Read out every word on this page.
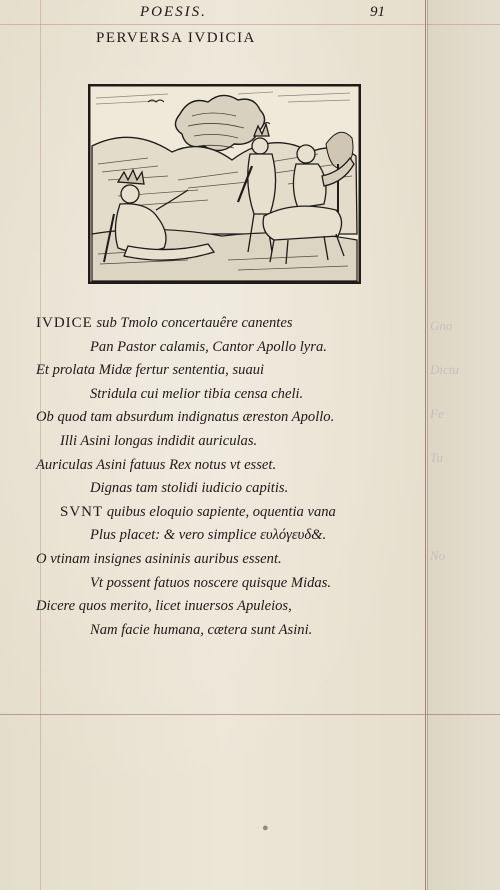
Gno
Dictu
Fe
Tu
No
POESIS.	91
PERVERSA IVDICIA
IVDICE sub Tmolo concertauêre canentes
Pan Pastor calamis, Cantor Apollo lyra.
Et prolata Midæ fertur sententia, suaui
Stridula cui melior tibia censa cheli.
Ob quod tam absurdum indignatus æreston Apollo.
Illi Asini longas indidit auriculas.
Auriculas Asini fatuus Rex notus vt esset.
Dignas tam stolidi iudicio capitis.
SVNT quibus eloquio sapiente, oquentia vana
Plus placet: & vero simplice ευλόγευδ&.
O vtinam insignes asininis auribus essent.
Vt possent fatuos noscere quisque Midas.
Dicere quos merito, licet inuersos Apuleios,
Nam facie humana, cætera sunt Asini.
●
